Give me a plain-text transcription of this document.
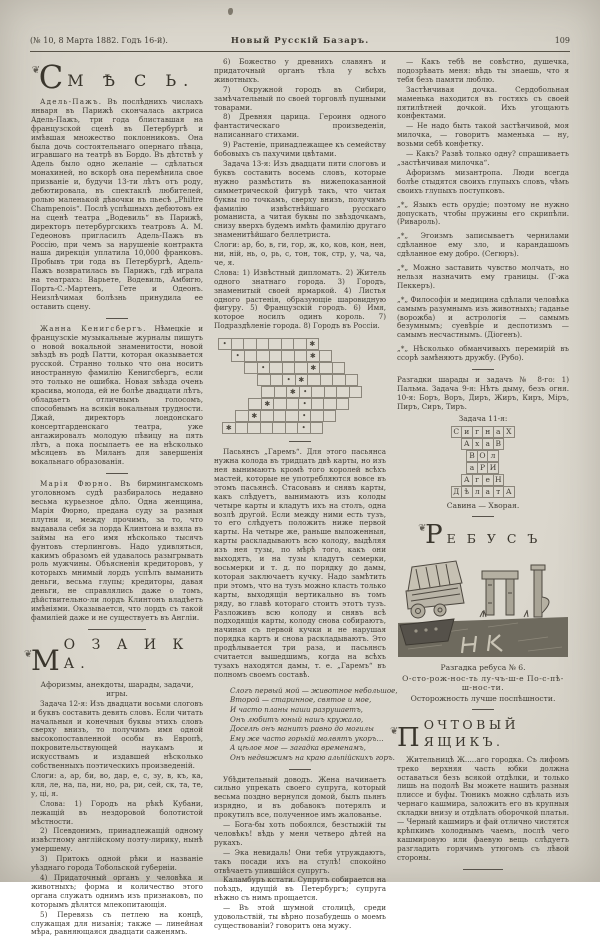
(№ 10, 8 Марта 1882. Годъ 16-й).	Новый Русскій Базаръ.	109
❦
С М Ѣ С Ь.

Адель-Пажъ. Въ послѣднихъ числахъ января въ Парижѣ скончалась актриса Адель-Пажъ, три года блиставшая на французской сценѣ въ Петербургѣ и имѣвшая множество поклонниковъ. Она была дочь состоятельнаго опернаго пѣвца, игравшаго на театрѣ въ Бордо. Въ дѣтствѣ у Адель было одно желаніе — сдѣлаться монахиней, но вскорѣ она перемѣнила свое призваніе и, будучи 13-ти лѣтъ отъ роду, дебютировала, въ спектаклѣ любителей, ролью маленькой дѣвочки въ пьесѣ „Philtre Champenois“. Послѣ успѣшныхъ дебютовъ ея на сценѣ театра „Водевиль“ въ Парижѣ, директоръ петербургскихъ театровъ А. М. Гедеоновъ пригласилъ Адель-Пажъ въ Россію, при чемъ за нарушеніе контракта наша дирекція уплатила 10,000 франковъ. Пробывъ три года въ Петербургѣ, Адель-Пажъ возвратилась въ Парижъ, гдѣ играла на театрахъ: Варьете, Водевиль, Амбигю, Портъ-С.-Мартенъ, Гете и Одеонъ. Неизлѣчимая болѣзнь принудила ее оставить сцену.

Жанна Кенигсбергъ. Нѣмецкіе и французскіе музыкальные журналы пишутъ о новой вокальной знаменитости, новой звѣздѣ въ родѣ Патти, которая оказывается русской. Странно только что она носитъ иностранную фамилію Кенигсбергъ, если это только не ошибка. Новая звѣзда очень красива, молода, ей не болѣе двадцати лѣтъ, обладаетъ отличнымъ голосомъ, способнымъ на всякія вокальныя трудности. Джай, директоръ лондонскаго консертгарденскаго театра, уже ангажировалъ молодую пѣвицу на пять лѣтъ, а пока посылаетъ ее на нѣсколько мѣсяцевъ въ Миланъ для завершенія вокальнаго образованія.

Марія Фюрно. Въ бирмингамскомъ уголовномъ судѣ разбиралось недавно весьма курьезное дѣло. Одна женщина, Марія Фюрно, предана суду за разныя плутни и, между прочимъ, за то, что выдавала себя за лорда Клинтона и взяла въ займы на его имя нѣсколько тысячъ фунтовъ стерлинговъ. Надо удивляться, какимъ образомъ ей удавалось разыгрывать роль мужчины. Объясненія кредиторовъ, у которыхъ мнимый лордъ успѣлъ выманить деньги, весьма глупы; кредиторы, давая деньги, не справлялись даже о томъ, дѣйствительно-ли лордъ Клинтонъ владѣетъ имѣніями. Оказывается, что лордъ съ такой фамиліей даже и не существуетъ въ Англіи.

❦
М О З А И К А.

Афоризмы, анекдоты, шарады, задачи, игры.

Задача 12-я: Изъ двадцати восьми слоговъ и буквъ составить девять словъ. Если читать начальныя и конечныя буквы этихъ словъ сверху внизъ, то получимъ имя одной высокопоставленной особы въ Европѣ, покровительствующей наукамъ и искусствамъ и издавшей нѣсколько собственныхъ поэтическихъ произведеній.

Слоги: а, ар, би, во, дар, е, с, зу, в, къ, ка, кля, ле, на, па, ни, но, ра, ри, сей, ск, та, те, у, ці, я.

Слова: 1) Городъ на рѣкѣ Кубани, лежащій въ нездоровой болотистой мѣстности.

2) Псевдонимъ, принадлежащій одному извѣстному англійскому поэту-лирику, нынѣ умершему.

3) Притокъ одной рѣки и названіе уѣзднаго города Тобольской губерніи.

4) Придаточный органъ у человѣка и животныхъ; форма и количество этого органа служатъ однимъ изъ признаковъ, по которымъ дѣлятся млекопитающія.

5) Перевязь съ петлею на концѣ, служащая для низанія; также — линейная мѣра, равняющаяся двадцати саженямъ.

6) Божество у древнихъ славянъ и придаточный органъ тѣла у всѣхъ животныхъ.

7) Окружной городъ въ Сибири, замѣчательный по своей торговлѣ пушными товарами.

8) Древняя царица. Героиня одного фантастическаго произведенія, написаннаго стихами.

9) Растеніе, принадлежащее къ семейству бобовыхъ съ пахучими цвѣтами.

Задача 13-я: Изъ двадцати пяти слоговъ и буквъ составить восемь словъ, которые нужно размѣстить въ нижепоказанной симметрической фигурѣ такъ, что читая буквы по точкамъ, сверху внизъ, получимъ фамилію извѣстнѣйшаго русскаго романиста, а читая буквы по звѣздочкамъ, снизу вверхъ будемъ имѣть фамилію другаго знаменитѣйшаго беллетриста.

Слоги: ар, бо, в, ги, гор, ж, ко, ков, кон, нен, ни, ній, нь, о, рь, с, тон, ток, стр, у, ча, ча, че, я.

Слова: 1) Извѣстный дипломатъ. 2) Житель одного знатнаго города. 3) Городъ, знаменитый своей ярмаркой. 4) Листья одного растенія, образующіе шаровидную фигуру. 5) Французскій городъ. 6) Имя, которое носилъ одинъ король. 7) Подраздѣленіе города. 8) Городъ въ Россіи.

•	✱
•	✱
•	✱
•	✱
✱	•
✱	•
✱	•
✱	•

Пасьянсъ „Гаремъ“. Для этого пасьянса нужна колода въ тридцать двѣ карты, но изъ нея вынимаютъ кромѣ того королей всѣхъ мастей, которые не употребляются вовсе въ этомъ пасьянсѣ. Стасовавъ и снявъ карты, какъ слѣдуетъ, вынимаютъ изъ колоды четыре карты и кладутъ ихъ на столъ, одна возлѣ другой. Если между ними есть тузъ, то его слѣдуетъ положить ниже первой карты. На четыре же, раньше выложенныя, карты раскладываютъ всю колоду, выдѣляя изъ нея тузы, по мѣрѣ того, какъ они выходятъ, и на тузы кладутъ семерки, восьмерки и т. д. по порядку до дамы, которая заключаетъ кучку. Надо замѣтить при этомъ, что на тузъ можно класть только карты, выходящія вертикально въ томъ ряду, во главѣ котораго стоитъ этотъ тузъ. Разложивъ всю колоду и снявъ всѣ подходящія карты, колоду снова собираютъ, начиная съ первой кучки и не нарушая порядка картъ и снова раскладываютъ. Это продѣлывается три раза, и пасьянсъ считается вышедшимъ, когда на всѣхъ тузахъ находятся дамы, т. е. „Гаремъ“ въ полномъ своемъ составѣ.

Слогъ первый мой — животное небольшое,
Второй — старинное, святое и мое,
И часто планы наши разрушаетъ,
Онъ любитъ юный нашъ кружало,
Доселѣ онъ манитъ равно до могилы
Ему же часто горькій молвятъ укоръ…
А цѣлое мое — загадка временамъ,
Онъ недвижимъ на краю альпійскихъ горъ.

Убѣдительный доводъ. Жена начинаетъ сильно упрекать своего супруга, который весьма поздно вернулся домой, былъ пьянъ изрядно, и въ добавокъ потерялъ и прокутилъ все, полученное имъ жалованье.

— Бога-бы хоть побоялся, безстыжій ты человѣкъ! вѣдь у меня четверо дѣтей на рукахъ.

— Эка невидаль! Они тебя утруждаютъ, такъ посади ихъ на стулѣ! спокойно отвѣчаетъ упившійся супругъ.

Каламбуръ кстати. Супругъ собирается на поѣздъ, идущій въ Петербургъ; супруга нѣжно съ нимъ прощается.

— Въ этой шумной столицѣ, среди удовольствій, ты вѣрно позабудешь о моемъ существованіи? говоритъ она мужу.

— Какъ тебѣ не совѣстно, душечка, подозрѣвать меня: вѣдь ты знаешь, что я тебя безъ памяти люблю.

Застѣнчивая дочка. Сердобольная маменька находится въ гостяхъ съ своей пятилѣтней дочкой. Ихъ угощаютъ конфектами.

— Не надо быть такой застѣнчивой, моя милочка, — говоритъ маменька — ну, возьми себѣ конфетку.

— Какъ? Развѣ только одну? спрашиваетъ „застѣнчивая милочка“.

Афоризмъ мизантропа. Люди всегда болѣе стыдятся своихъ глупыхъ словъ, чѣмъ своихъ глупыхъ поступковъ.

„*„ Языкъ есть орудіе; поэтому не нужно допускать, чтобы пружины его скрипѣли. (Ривароль).

„*„ Эгоизмъ записываетъ чернилами сдѣланное ему зло, и карандашомъ сдѣланное ему добро. (Сегюръ).

„*„ Можно заставить чувство молчать, но нельзя назначить ему границы. (Г-жа Пеккеръ).

„*„ Философія и медицина сдѣлали человѣка самымъ разумнымъ изъ животныхъ; гаданье (ворожба) и астрологія — самымъ безумнымъ; суевѣріе и деспотизмъ — самымъ несчастнымъ. (Діогенъ).

„*„ Нѣсколько обманчивыхъ перемирій въ ссорѣ замѣняютъ дружбу. (Рубо).

Разгадки шарады и задачъ № 8-го: 1) Пальма. Задача 9-я: Нѣтъ дыму, безъ огня. 10-я: Боръ, Воръ, Диръ, Жиръ, Киръ, Міръ, Пиръ, Сиръ, Тиръ.

Задача 11-я:

С и г н а Х
А х а В
В О л
а Р И
А г е Н
Д ѣ л а т А

Савина — Хворая.

❦
Р Е Б У С Ъ

Разгадка ребуса № 6.

О-сто-рож-нос-ть лу-чъ-ш-е По-с-пѣ-ш-нос-ти.

Осторожность лучше поспѣшности.

❦
П ОЧТОВЫЙ ЯЩИКЪ.

Жительницѣ Ж.....аго городка. Съ лифомъ треко верхняя часть юбки должна оставаться безъ всякой отдѣлки, и только лишь на подолѣ Вы можете нашить разныя плиссе и буфы. Тюникъ можно сдѣлать изъ чернаго кашмира, заложить его въ крупныя складки внизу и отдѣлать оборочкой платья. — Черный кашмиръ и фай отлично чистятся крѣпкимъ холоднымъ чаемъ, послѣ чего кашмировую или фаевую вещь слѣдуетъ разгладить горячимъ утюгомъ съ лѣвой стороны.
